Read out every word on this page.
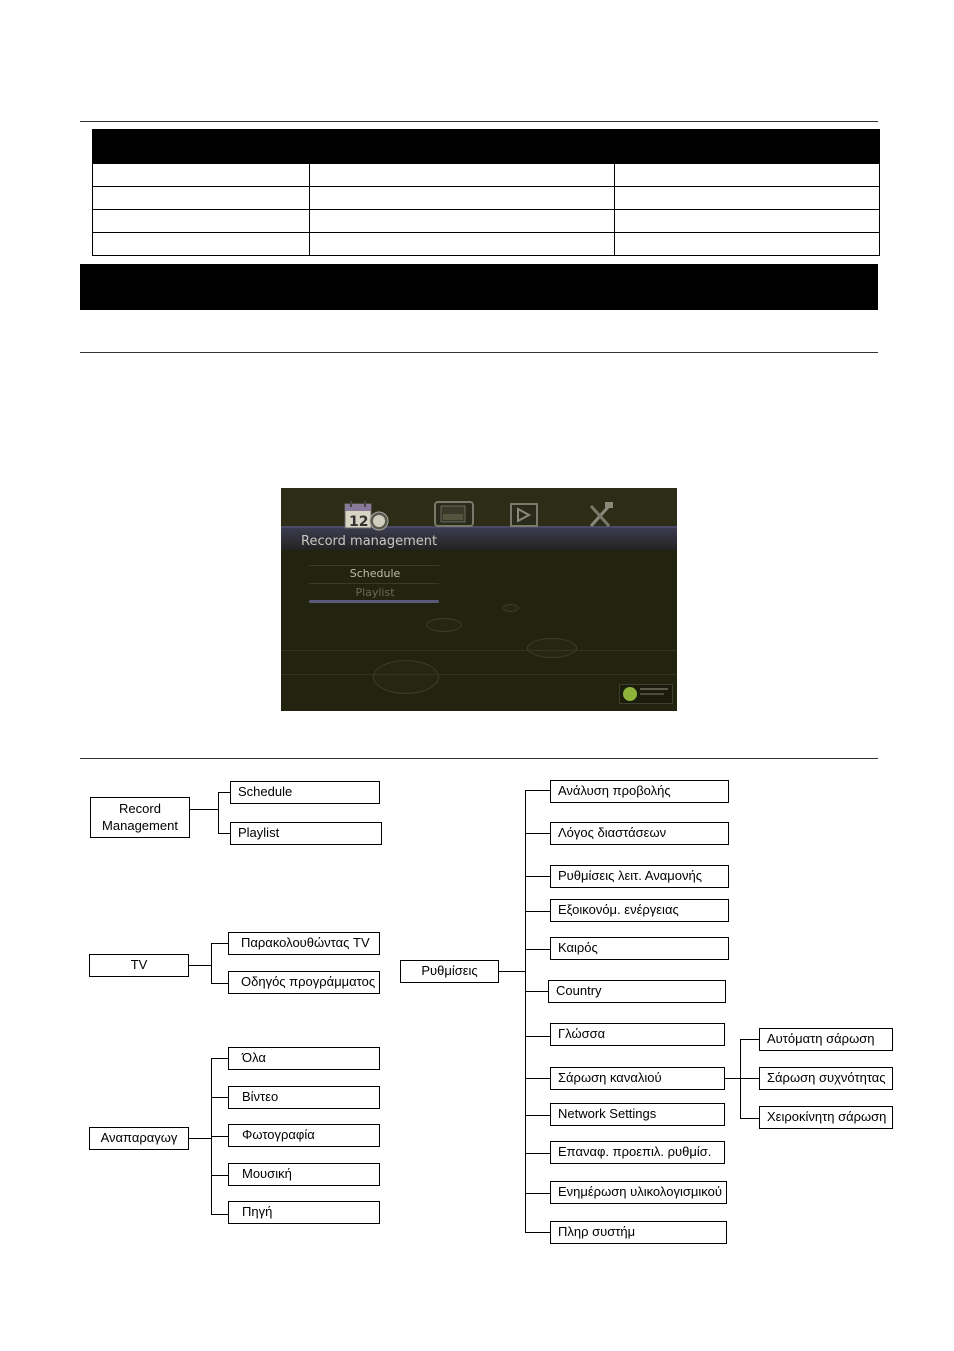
12
Record management
Schedule
Playlist
Record Management
Schedule
Playlist
TV
Παρακολουθώντας TV
Οδηγός προγράμματος
Αναπαραγωγ
Όλα
Βίντεο
Φωτογραφία
Μουσική
Πηγή
Ρυθμίσεις
Ανάλυση προβολής
Λόγος διαστάσεων
Ρυθμίσεις λειτ. Αναμονής
Εξοικονόμ. ενέργειας
Καιρός
Country
Γλώσσα
Σάρωση καναλιού
Network Settings
Επαναφ. προεπιλ. ρυθμίσ.
Ενημέρωση υλικολογισμικού
Πληρ συστήμ
Αυτόματη σάρωση
Σάρωση συχνότητας
Χειροκίνητη σάρωση
